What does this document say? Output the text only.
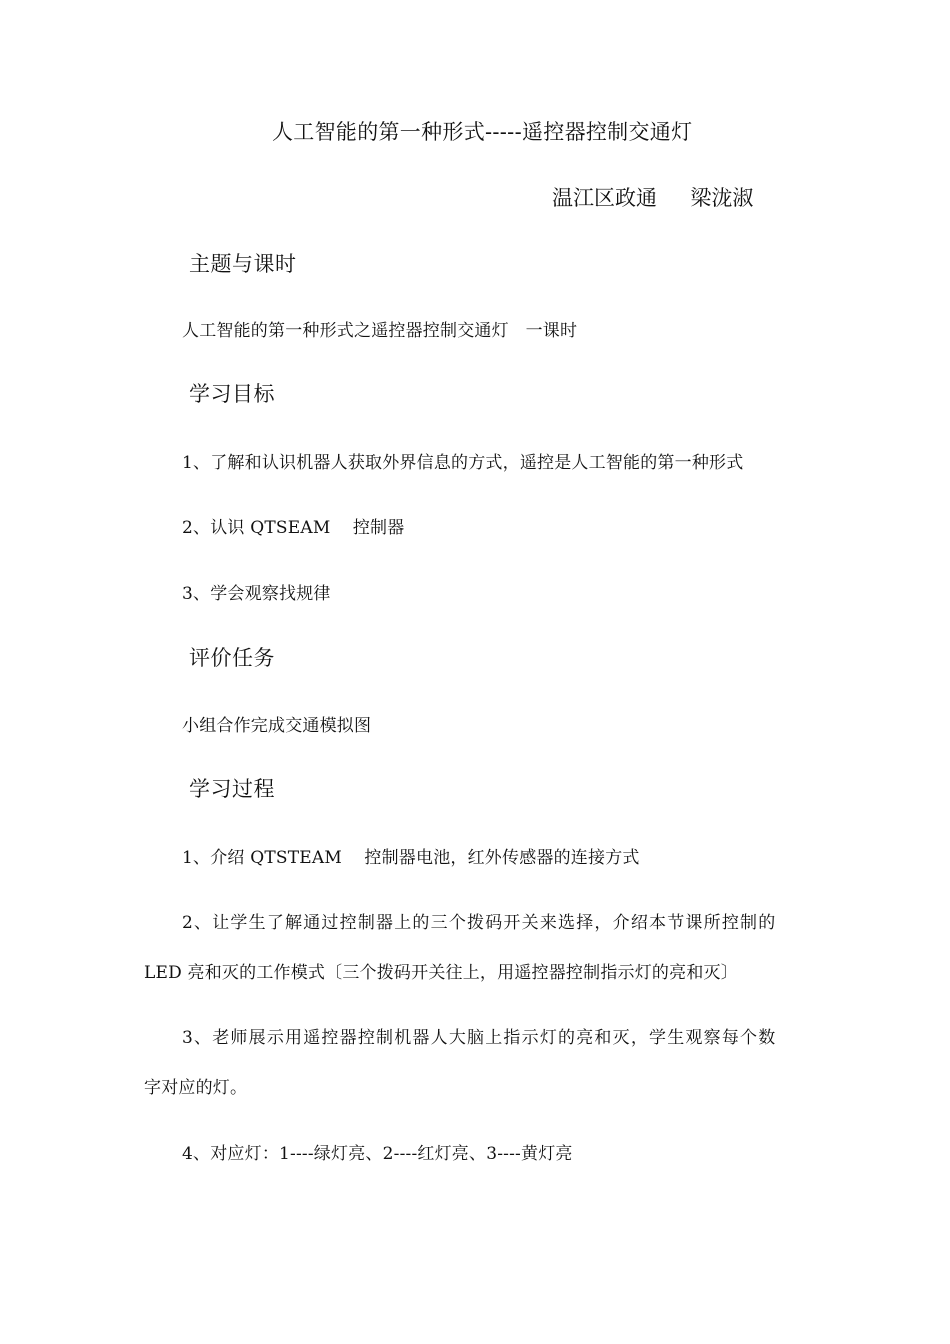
人工智能的第一种形式-----遥控器控制交通灯
温江区政通     梁泷淑
主题与课时
人工智能的第一种形式之遥控器控制交通灯   一课时
学习目标
1、了解和认识机器人获取外界信息的方式，遥控是人工智能的第一种形式
2、认识 QTSEAM    控制器
3、学会观察找规律
评价任务
小组合作完成交通模拟图
学习过程
1、介绍 QTSTEAM    控制器电池，红外传感器的连接方式
2、让学生了解通过控制器上的三个拨码开关来选择，介绍本节课所控制的
LED 亮和灭的工作模式〔三个拨码开关往上，用遥控器控制指示灯的亮和灭〕
3、老师展示用遥控器控制机器人大脑上指示灯的亮和灭，学生观察每个数
字对应的灯。
4、对应灯：1----绿灯亮、2----红灯亮、3----黄灯亮
